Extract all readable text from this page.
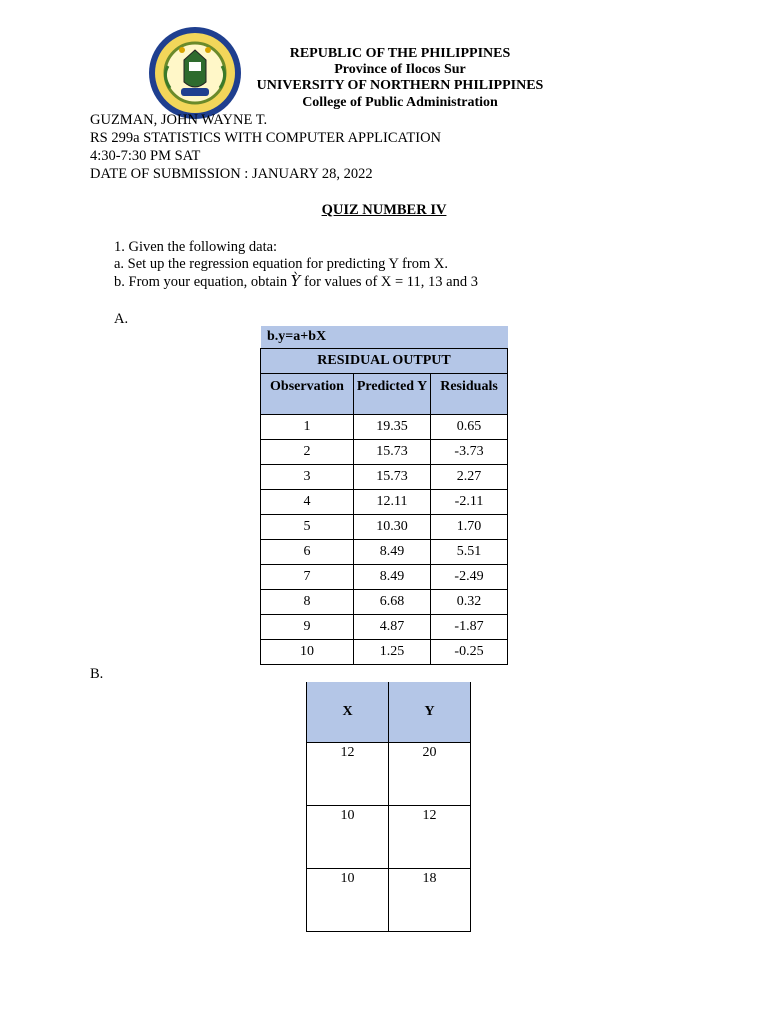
REPUBLIC OF THE PHILIPPINES
Province of Ilocos Sur
UNIVERSITY OF NORTHERN PHILIPPINES
College of Public Administration
GUZMAN, JOHN WAYNE T.
RS 299a STATISTICS WITH COMPUTER APPLICATION
4:30-7:30 PM SAT
DATE OF SUBMISSION : JANUARY 28, 2022
QUIZ NUMBER IV
1. Given the following data:
a. Set up the regression equation for predicting Y from X.
b. From your equation, obtain 𝑌̀ for values of X = 11, 13 and 3
A.
b.y=a+bX
RESIDUAL OUTPUT		
Observation	Predicted Y	Residuals
1	19.35	0.65
2	15.73	-3.73
3	15.73	2.27
4	12.11	-2.11
5	10.30	1.70
6	8.49	5.51
7	8.49	-2.49
8	6.68	0.32
9	4.87	-1.87
10	1.25	-0.25
B.
X	Y
12	20
10	12
10	18
